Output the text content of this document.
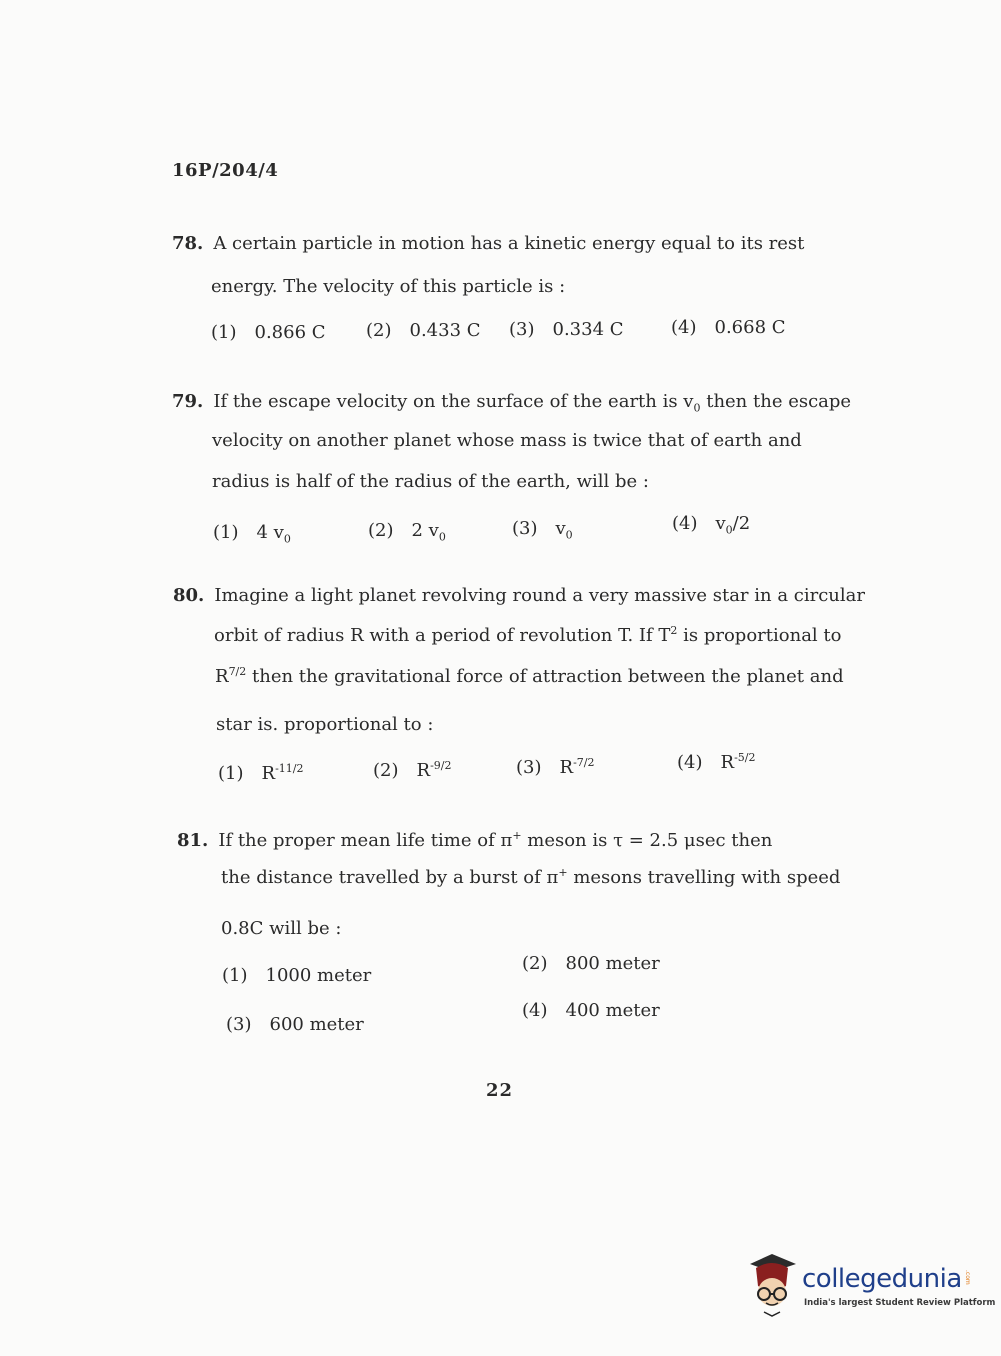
16P/204/4
78. A certain particle in motion has a kinetic energy equal to its rest
energy. The velocity of this particle is :
(1) 0.866 C (2) 0.433 C (3) 0.334 C	(4) 0.668 C
79. If the escape velocity on the surface of the earth is $v_0$ then the escape
velocity on another planet whose mass is twice that of earth and
radius is half of the radius of the earth, will be :
(1) 4 $v_0$	(2) 2 $v_0$	(3) $v_0$
(4) $v_0/2$
80. Imagine a light planet revolving round a very massive star in a circular
orbit of radius R with a period of revolution T. If $T^2$ is proportional to
$R^{7/2}$ then the gravitational force of attraction between the planet and
star is. proportional to :
(1) $R^{-11/2}$	(2) $R^{-9/2}$	(3) $R^{-7/2}$	(4) $R^{-5/2}$
81. If the proper mean life time of π+ meson is τ = 2.5 μsec then
the distance travelled by a burst of π+ mesons travelling with speed
0.8C will be :
(1) 1000 meter
(2) 800 meter
(3) 600 meter
(4) 400 meter
22
collegedunia .com
India's largest Student Review Platform
